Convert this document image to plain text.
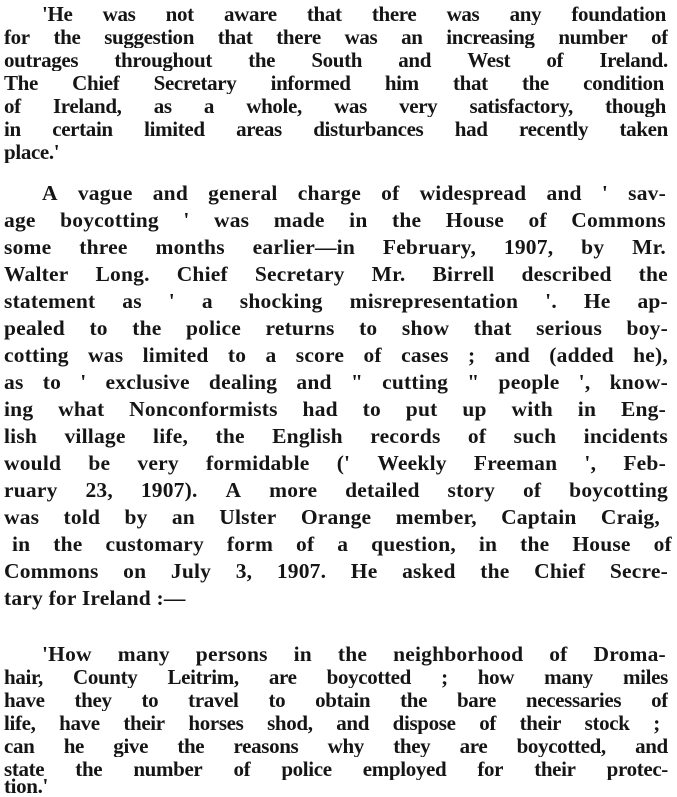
'He was not aware that there was any foundation
for the suggestion that there was an increasing number of
outrages throughout the South and West of Ireland.
The Chief Secretary informed him that the condition
of Ireland, as a whole, was very satisfactory, though
in certain limited areas disturbances had recently taken
place.'
A vague and general charge of widespread and ' sav-
age boycotting ' was made in the House of Commons
some three months earlier—in February, 1907, by Mr.
Walter Long. Chief Secretary Mr. Birrell described the
statement as ' a shocking misrepresentation '. He ap-
pealed to the police returns to show that serious boy-
cotting was limited to a score of cases ; and (added he),
as to ' exclusive dealing and " cutting " people ', know-
ing what Nonconformists had to put up with in Eng-
lish village life, the English records of such incidents
would be very formidable (' Weekly Freeman ', Feb-
ruary 23, 1907). A more detailed story of boycotting
was told by an Ulster Orange member, Captain Craig,
in the customary form of a question, in the House of
Commons on July 3, 1907. He asked the Chief Secre-
tary for Ireland :—
'How many persons in the neighborhood of Droma-
hair, County Leitrim, are boycotted ; how many miles
have they to travel to obtain the bare necessaries of
life, have their horses shod, and dispose of their stock ;
can he give the reasons why they are boycotted, and
state the number of police employed for their protec-
tion.'
